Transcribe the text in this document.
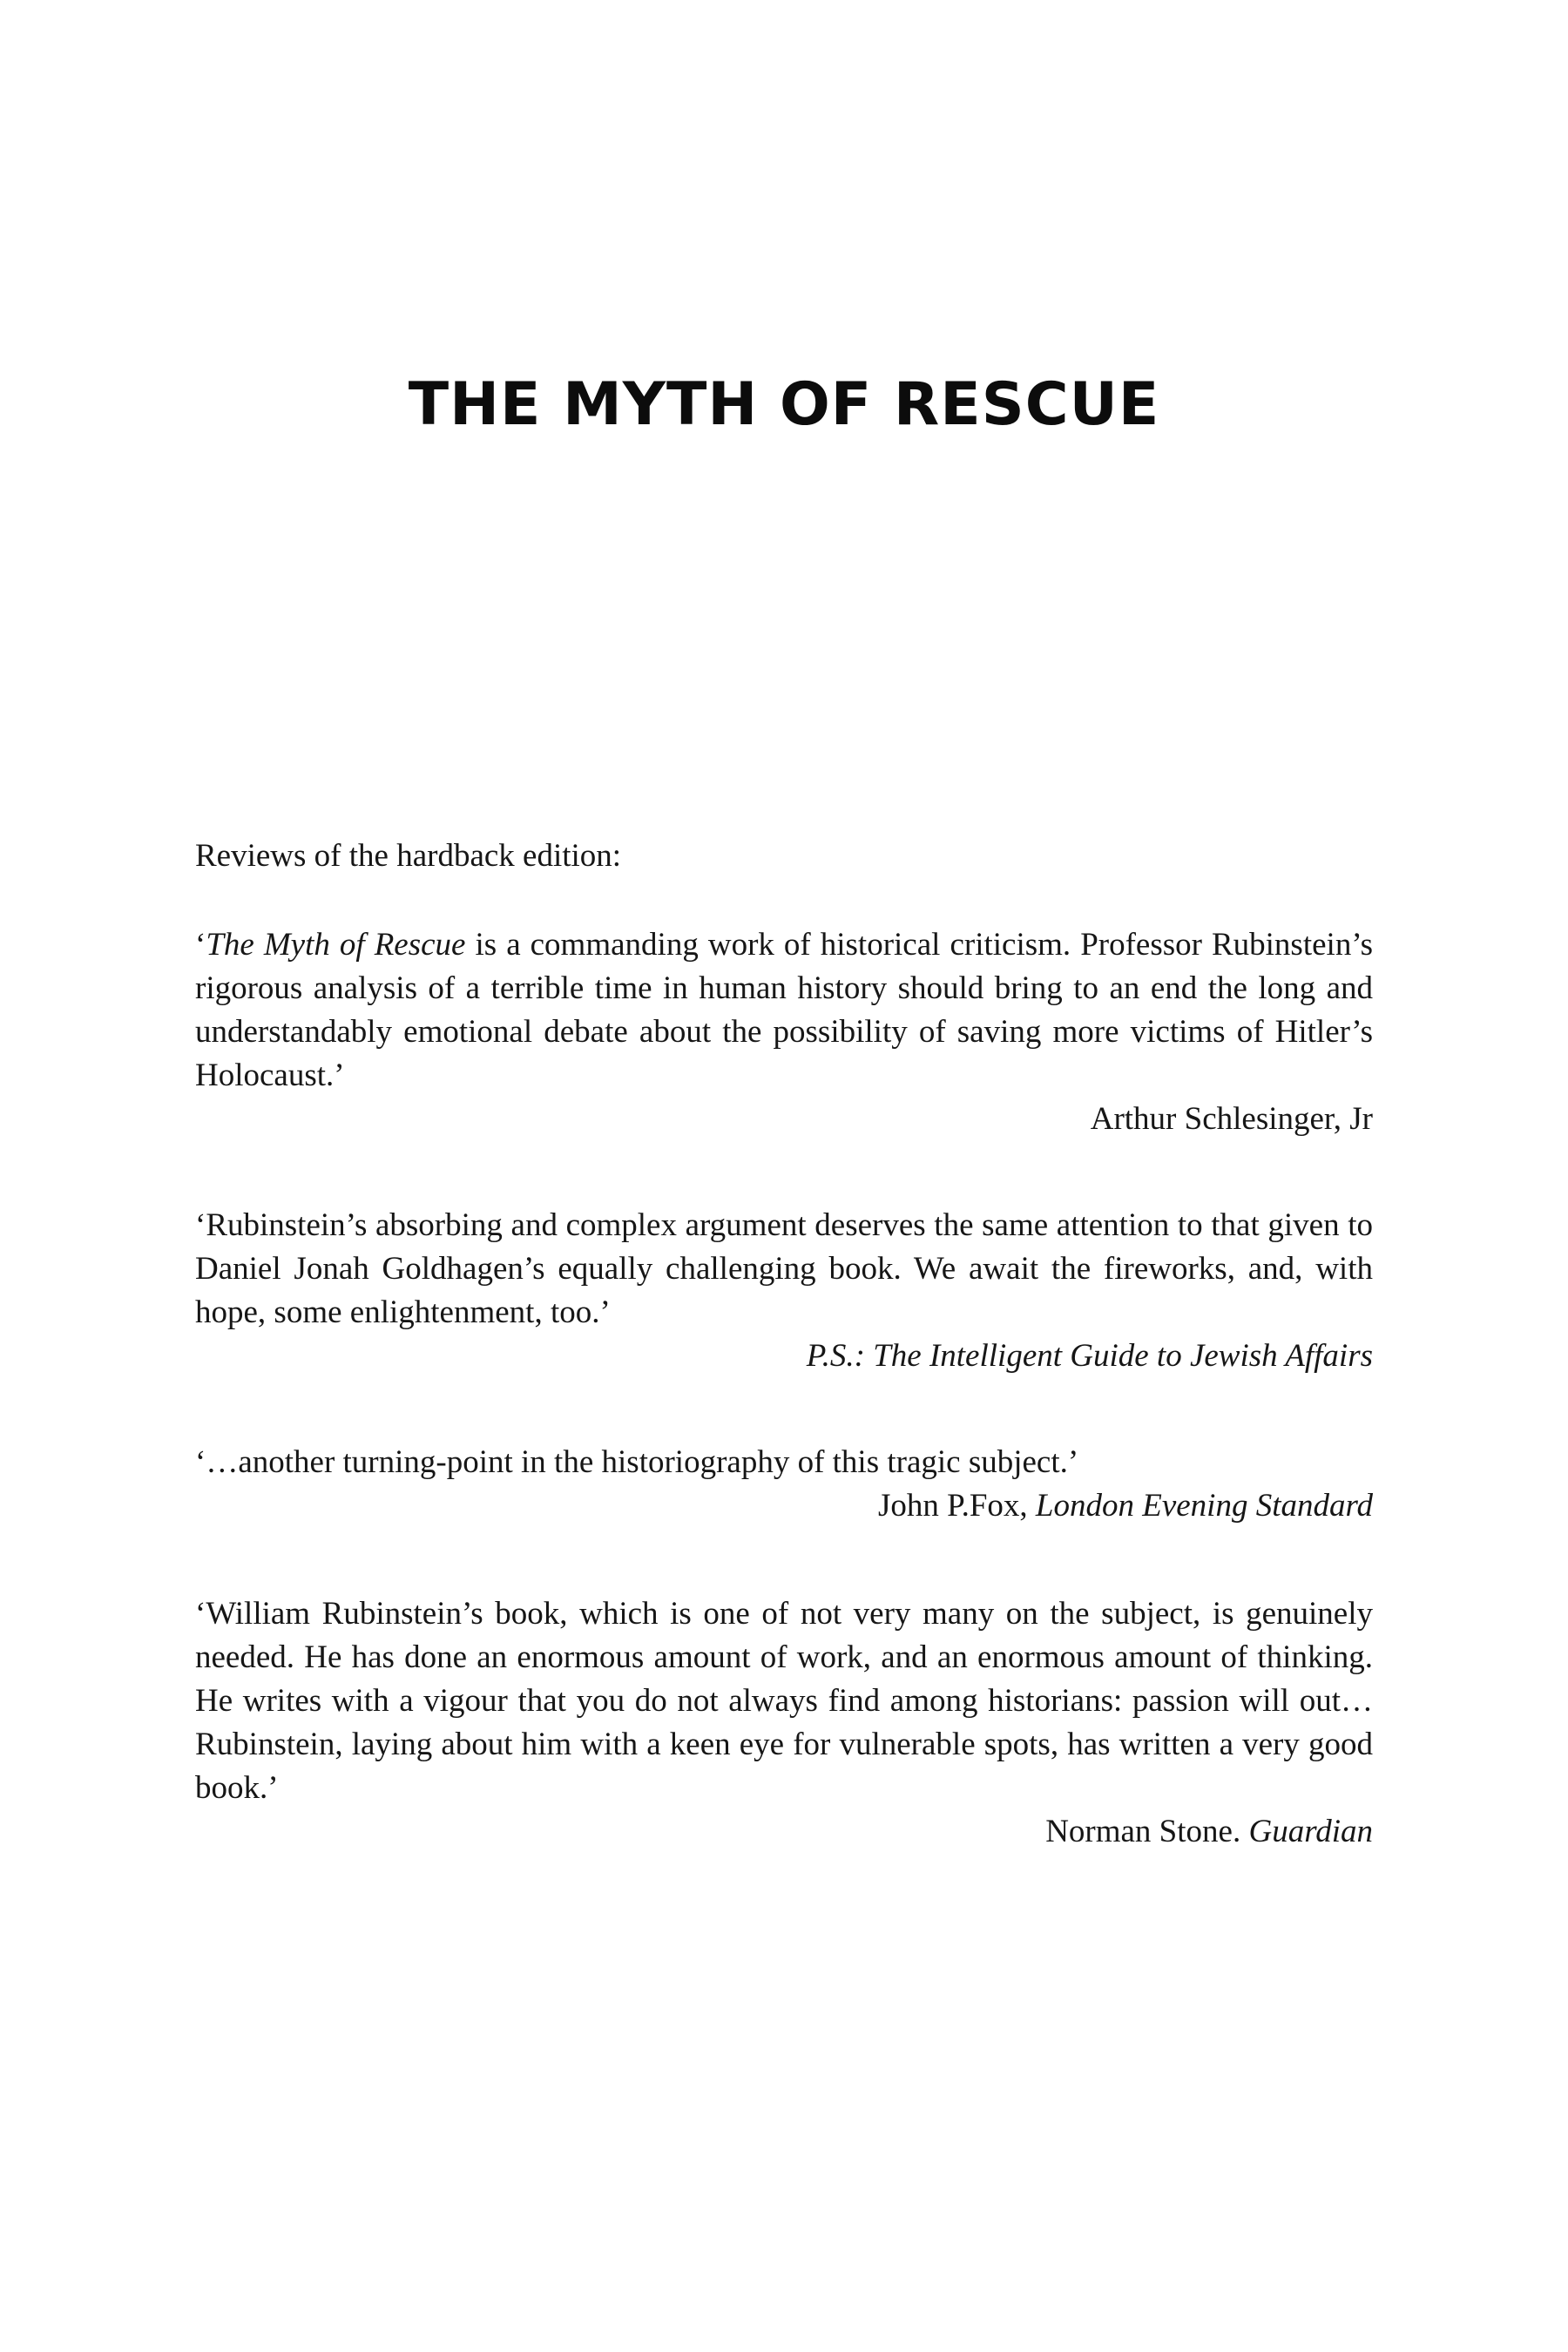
THE MYTH OF RESCUE
Reviews of the hardback edition:
‘The Myth of Rescue is a commanding work of historical criticism. Professor Rubinstein’s rigorous analysis of a terrible time in human history should bring to an end the long and understandably emotional debate about the possibility of saving more victims of Hitler’s Holocaust.’
Arthur Schlesinger, Jr
‘Rubinstein’s absorbing and complex argument deserves the same attention to that given to Daniel Jonah Goldhagen’s equally challenging book. We await the fireworks, and, with hope, some enlightenment, too.’
P.S.: The Intelligent Guide to Jewish Affairs
‘…another turning-point in the historiography of this tragic subject.’
John P.Fox, London Evening Standard
‘William Rubinstein’s book, which is one of not very many on the subject, is genuinely needed. He has done an enormous amount of work, and an enormous amount of thinking. He writes with a vigour that you do not always find among historians: passion will out…Rubinstein, laying about him with a keen eye for vulnerable spots, has written a very good book.’
Norman Stone. Guardian
